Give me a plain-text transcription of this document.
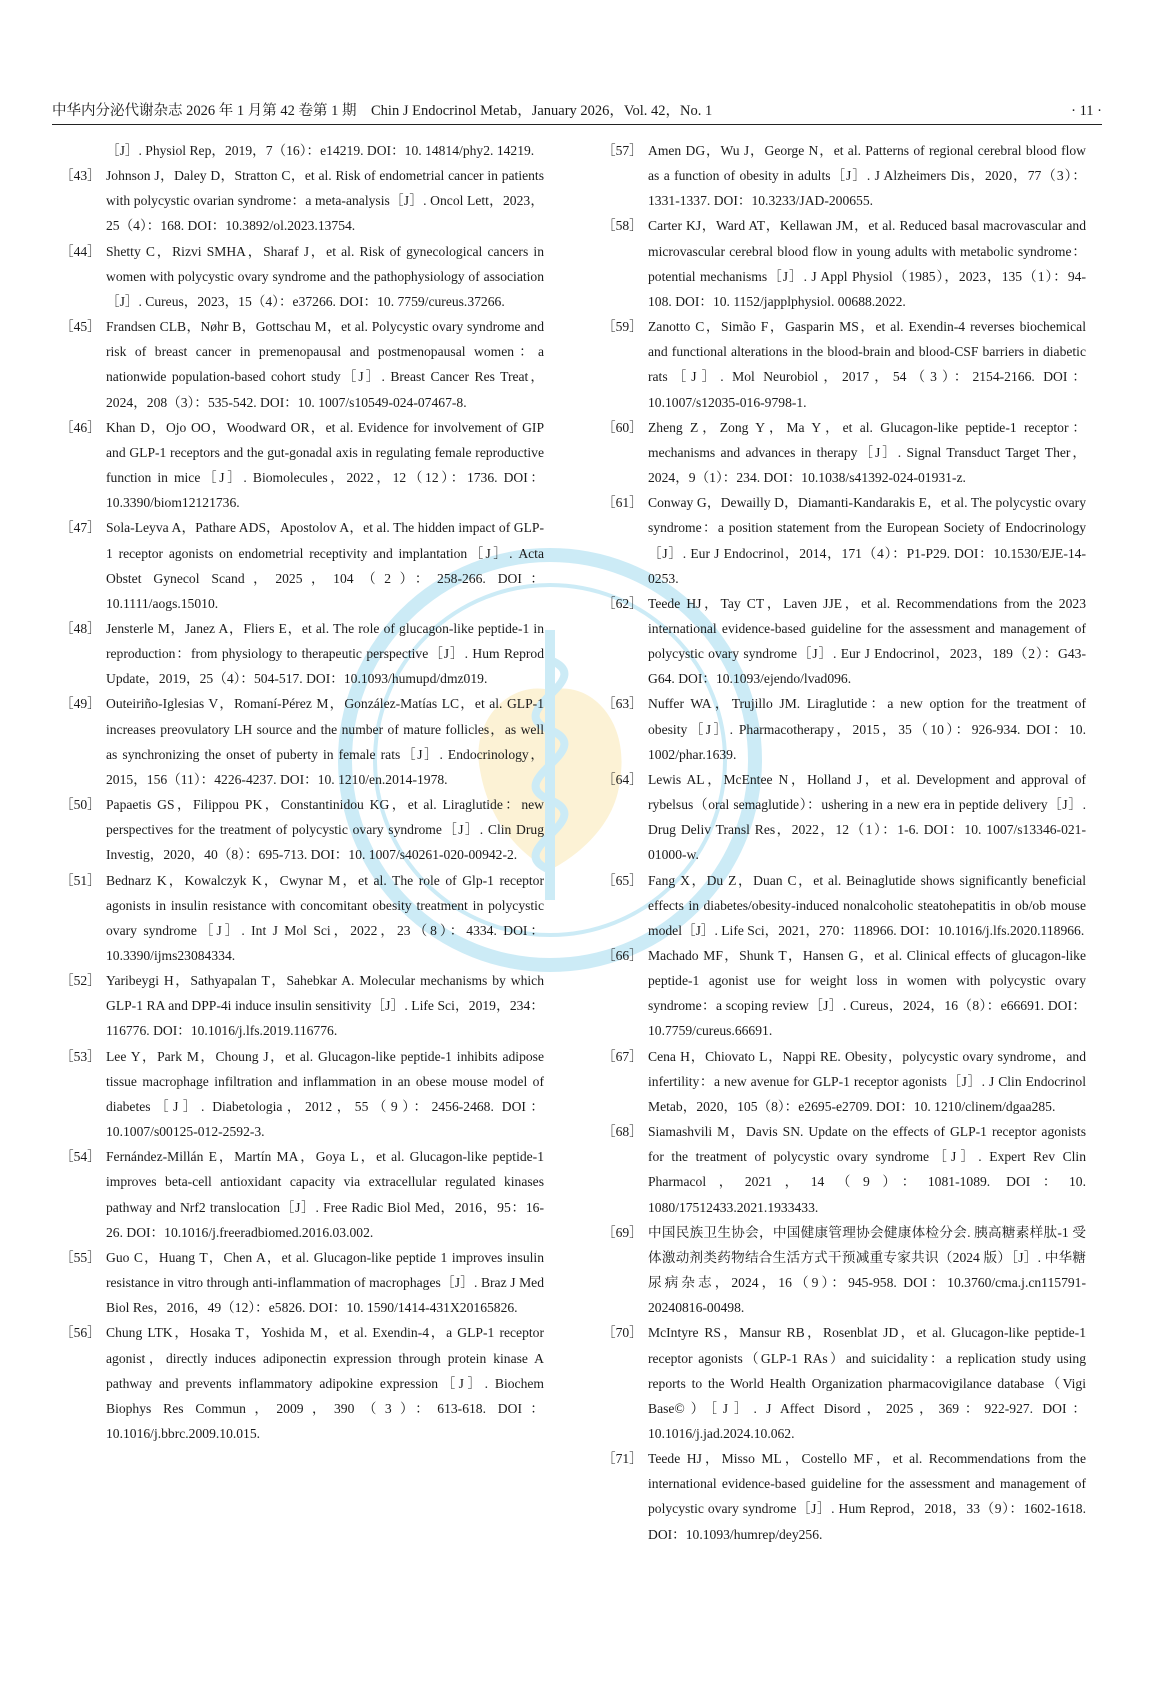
中华内分泌代谢杂志 2026 年 1 月第 42 卷第 1 期　Chin J Endocrinol Metab，January 2026，Vol. 42，No. 1	· 11 ·
［J］. Physiol Rep，2019，7（16）：e14219. DOI：10. 14814/phy2. 14219.
［43］ Johnson J，Daley D，Stratton C，et al. Risk of endometrial cancer in patients with polycystic ovarian syndrome：a meta-analysis［J］. Oncol Lett，2023，25（4）：168. DOI：10.3892/ol.2023.13754.
［44］ Shetty C，Rizvi SMHA，Sharaf J，et al. Risk of gynecological cancers in women with polycystic ovary syndrome and the pathophysiology of association［J］. Cureus，2023，15（4）：e37266. DOI：10. 7759/cureus.37266.
［45］ Frandsen CLB，Nøhr B，Gottschau M，et al. Polycystic ovary syndrome and risk of breast cancer in premenopausal and postmenopausal women：a nationwide population-based cohort study［J］. Breast Cancer Res Treat，2024，208（3）：535-542. DOI：10. 1007/s10549-024-07467-8.
［46］ Khan D，Ojo OO，Woodward OR，et al. Evidence for involvement of GIP and GLP-1 receptors and the gut-gonadal axis in regulating female reproductive function in mice［J］. Biomolecules，2022，12（12）：1736. DOI：10.3390/biom12121736.
［47］ Sola-Leyva A，Pathare ADS，Apostolov A，et al. The hidden impact of GLP-1 receptor agonists on endometrial receptivity and implantation［J］. Acta Obstet Gynecol Scand，2025，104（2）：258-266. DOI：10.1111/aogs.15010.
［48］ Jensterle M，Janez A，Fliers E，et al. The role of glucagon-like peptide-1 in reproduction：from physiology to therapeutic perspective［J］. Hum Reprod Update，2019，25（4）：504-517. DOI：10.1093/humupd/dmz019.
［49］ Outeiriño-Iglesias V，Romaní-Pérez M，González-Matías LC，et al. GLP-1 increases preovulatory LH source and the number of mature follicles，as well as synchronizing the onset of puberty in female rats［J］. Endocrinology，2015，156（11）：4226-4237. DOI：10. 1210/en.2014-1978.
［50］ Papaetis GS，Filippou PK，Constantinidou KG，et al. Liraglutide：new perspectives for the treatment of polycystic ovary syndrome［J］. Clin Drug Investig，2020，40（8）：695-713. DOI：10. 1007/s40261-020-00942-2.
［51］ Bednarz K，Kowalczyk K，Cwynar M，et al. The role of Glp-1 receptor agonists in insulin resistance with concomitant obesity treatment in polycystic ovary syndrome［J］. Int J Mol Sci，2022，23（8）：4334. DOI：10.3390/ijms23084334.
［52］ Yaribeygi H，Sathyapalan T，Sahebkar A. Molecular mechanisms by which GLP-1 RA and DPP-4i induce insulin sensitivity［J］. Life Sci，2019，234：116776. DOI：10.1016/j.lfs.2019.116776.
［53］ Lee Y，Park M，Choung J，et al. Glucagon-like peptide-1 inhibits adipose tissue macrophage infiltration and inflammation in an obese mouse model of diabetes［J］. Diabetologia，2012，55（9）：2456-2468. DOI：10.1007/s00125-012-2592-3.
［54］ Fernández-Millán E，Martín MA，Goya L，et al. Glucagon-like peptide-1 improves beta-cell antioxidant capacity via extracellular regulated kinases pathway and Nrf2 translocation［J］. Free Radic Biol Med，2016，95：16-26. DOI：10.1016/j.freeradbiomed.2016.03.002.
［55］ Guo C，Huang T，Chen A，et al. Glucagon-like peptide 1 improves insulin resistance in vitro through anti-inflammation of macrophages［J］. Braz J Med Biol Res，2016，49（12）：e5826. DOI：10. 1590/1414-431X20165826.
［56］ Chung LTK，Hosaka T，Yoshida M，et al. Exendin-4，a GLP-1 receptor agonist，directly induces adiponectin expression through protein kinase A pathway and prevents inflammatory adipokine expression［J］. Biochem Biophys Res Commun，2009，390（3）：613-618. DOI：10.1016/j.bbrc.2009.10.015.
［57］ Amen DG，Wu J，George N，et al. Patterns of regional cerebral blood flow as a function of obesity in adults［J］. J Alzheimers Dis，2020，77（3）：1331-1337. DOI：10.3233/JAD-200655.
［58］ Carter KJ，Ward AT，Kellawan JM，et al. Reduced basal macrovascular and microvascular cerebral blood flow in young adults with metabolic syndrome：potential mechanisms［J］. J Appl Physiol（1985），2023，135（1）：94-108. DOI：10. 1152/japplphysiol. 00688.2022.
［59］ Zanotto C，Simão F，Gasparin MS，et al. Exendin-4 reverses biochemical and functional alterations in the blood-brain and blood-CSF barriers in diabetic rats［J］. Mol Neurobiol，2017，54（3）：2154-2166. DOI：10.1007/s12035-016-9798-1.
［60］ Zheng Z，Zong Y，Ma Y，et al. Glucagon-like peptide-1 receptor：mechanisms and advances in therapy［J］. Signal Transduct Target Ther，2024，9（1）：234. DOI：10.1038/s41392-024-01931-z.
［61］ Conway G，Dewailly D，Diamanti-Kandarakis E，et al. The polycystic ovary syndrome：a position statement from the European Society of Endocrinology［J］. Eur J Endocrinol，2014，171（4）：P1-P29. DOI：10.1530/EJE-14-0253.
［62］ Teede HJ，Tay CT，Laven JJE，et al. Recommendations from the 2023 international evidence-based guideline for the assessment and management of polycystic ovary syndrome［J］. Eur J Endocrinol，2023，189（2）：G43-G64. DOI：10.1093/ejendo/lvad096.
［63］ Nuffer WA，Trujillo JM. Liraglutide：a new option for the treatment of obesity［J］. Pharmacotherapy，2015，35（10）：926-934. DOI：10. 1002/phar.1639.
［64］ Lewis AL，McEntee N，Holland J，et al. Development and approval of rybelsus（oral semaglutide）：ushering in a new era in peptide delivery［J］. Drug Deliv Transl Res，2022，12（1）：1-6. DOI：10. 1007/s13346-021-01000-w.
［65］ Fang X，Du Z，Duan C，et al. Beinaglutide shows significantly beneficial effects in diabetes/obesity-induced nonalcoholic steatohepatitis in ob/ob mouse model［J］. Life Sci，2021，270：118966. DOI：10.1016/j.lfs.2020.118966.
［66］ Machado MF，Shunk T，Hansen G，et al. Clinical effects of glucagon-like peptide-1 agonist use for weight loss in women with polycystic ovary syndrome：a scoping review［J］. Cureus，2024，16（8）：e66691. DOI：10.7759/cureus.66691.
［67］ Cena H，Chiovato L，Nappi RE. Obesity，polycystic ovary syndrome，and infertility：a new avenue for GLP-1 receptor agonists［J］. J Clin Endocrinol Metab，2020，105（8）：e2695-e2709. DOI：10. 1210/clinem/dgaa285.
［68］ Siamashvili M，Davis SN. Update on the effects of GLP-1 receptor agonists for the treatment of polycystic ovary syndrome［J］. Expert Rev Clin Pharmacol，2021，14（9）：1081-1089. DOI：10. 1080/17512433.2021.1933433.
［69］ 中国民族卫生协会，中国健康管理协会健康体检分会. 胰高糖素样肽-1 受体激动剂类药物结合生活方式干预减重专家共识（2024 版）［J］. 中华糖尿病杂志，2024，16（9）：945-958. DOI：10.3760/cma.j.cn115791-20240816-00498.
［70］ McIntyre RS，Mansur RB，Rosenblat JD，et al. Glucagon-like peptide-1 receptor agonists（GLP-1 RAs）and suicidality：a replication study using reports to the World Health Organization pharmacovigilance database（Vigi Base©）［J］. J Affect Disord，2025，369：922-927. DOI：10.1016/j.jad.2024.10.062.
［71］ Teede HJ，Misso ML，Costello MF，et al. Recommendations from the international evidence-based guideline for the assessment and management of polycystic ovary syndrome［J］. Hum Reprod，2018，33（9）：1602-1618. DOI：10.1093/humrep/dey256.
